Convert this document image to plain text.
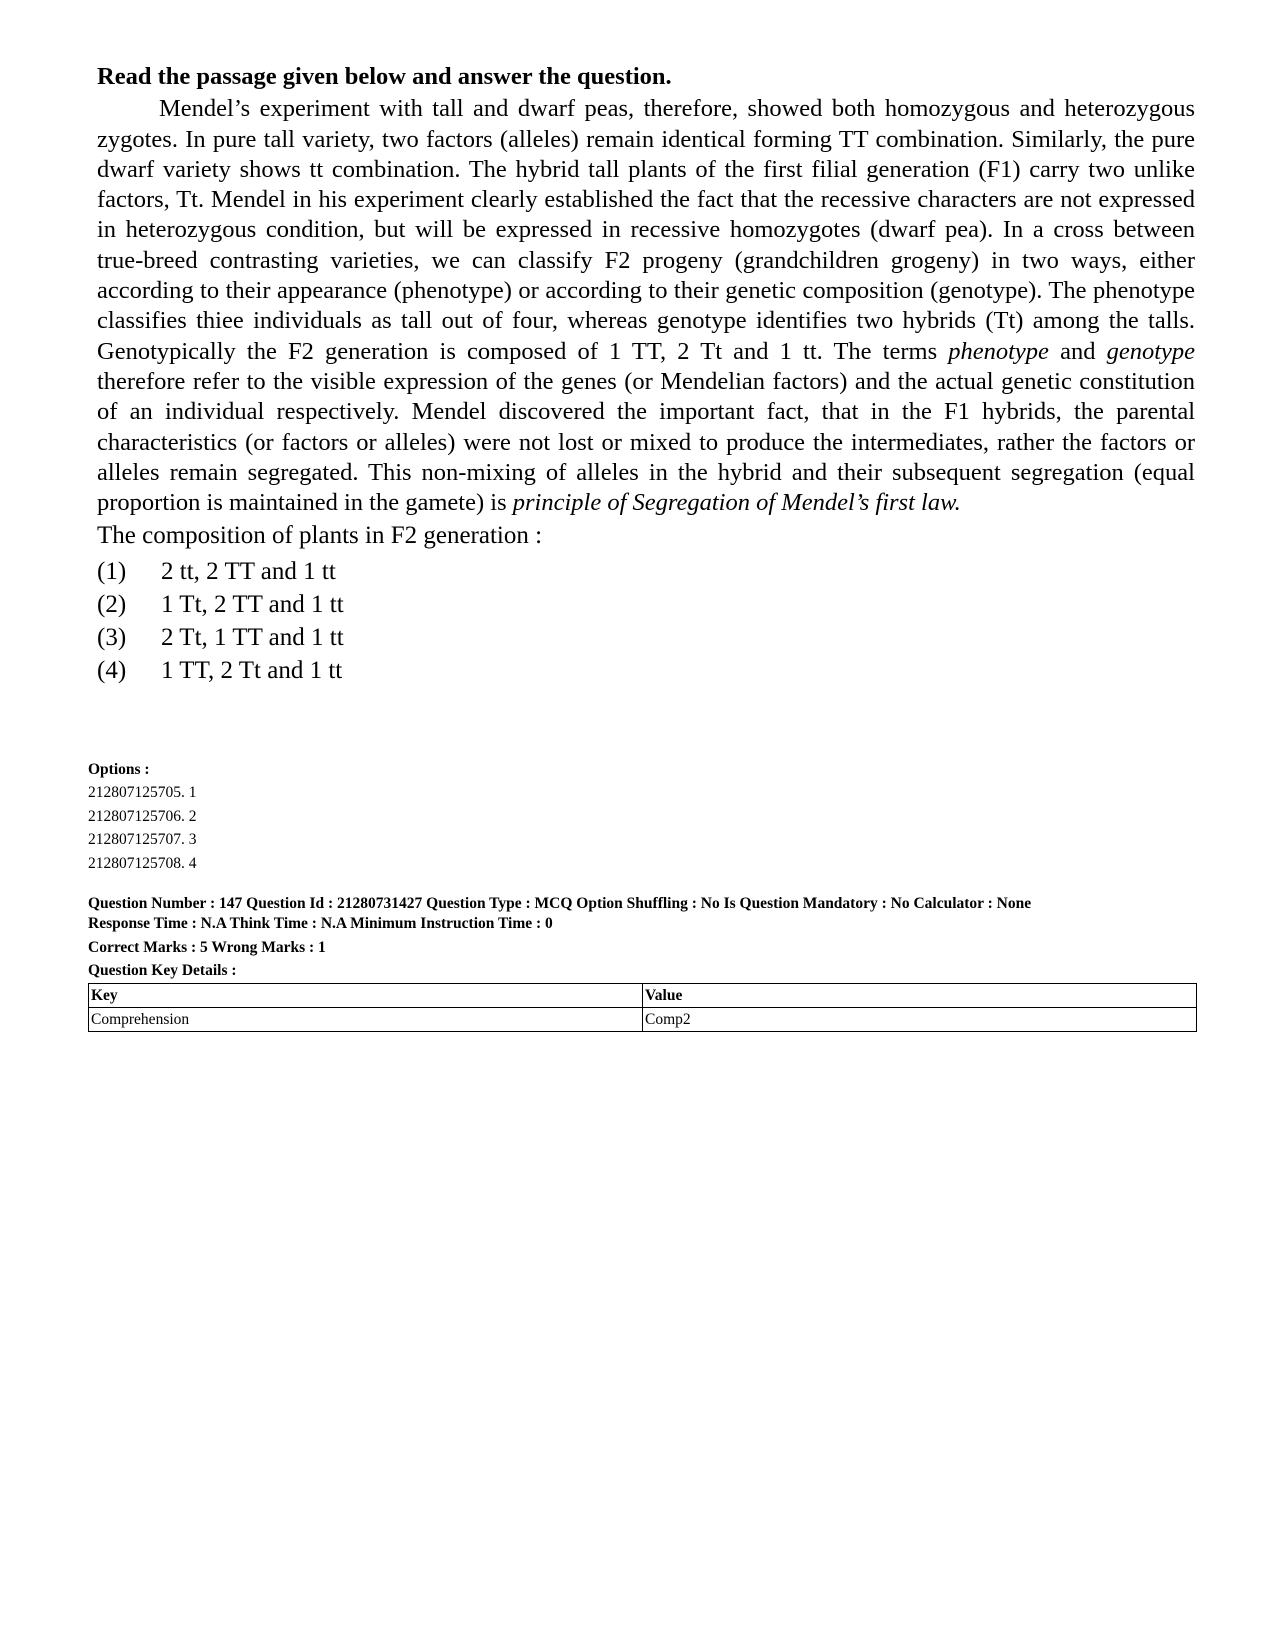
Read the passage given below and answer the question.

Mendel’s experiment with tall and dwarf peas, therefore, showed both homozygous and heterozygous zygotes. In pure tall variety, two factors (alleles) remain identical forming TT combination. Similarly, the pure dwarf variety shows tt combination. The hybrid tall plants of the first filial generation (F1) carry two unlike factors, Tt. Mendel in his experiment clearly established the fact that the recessive characters are not expressed in heterozygous condition, but will be expressed in recessive homozygotes (dwarf pea). In a cross between true-breed contrasting varieties, we can classify F2 progeny (grandchildren grogeny) in two ways, either according to their appearance (phenotype) or according to their genetic composition (genotype). The phenotype classifies thiee individuals as tall out of four, whereas genotype identifies two hybrids (Tt) among the talls. Genotypically the F2 generation is composed of 1 TT, 2 Tt and 1 tt. The terms phenotype and genotype therefore refer to the visible expression of the genes (or Mendelian factors) and the actual genetic constitution of an individual respectively. Mendel discovered the important fact, that in the F1 hybrids, the parental characteristics (or factors or alleles) were not lost or mixed to produce the intermediates, rather the factors or alleles remain segregated. This non-mixing of alleles in the hybrid and their subsequent segregation (equal proportion is maintained in the gamete) is principle of Segregation of Mendel’s first law.

The composition of plants in F2 generation :

(1)	2 tt, 2 TT and 1 tt
(2)	1 Tt, 2 TT and 1 tt
(3)	2 Tt, 1 TT and 1 tt
(4)	1 TT, 2 Tt and 1 tt
Options :
212807125705. 1
212807125706. 2
212807125707. 3
212807125708. 4
Question Number : 147 Question Id : 21280731427 Question Type : MCQ Option Shuffling : No Is Question Mandatory : No Calculator : None
Response Time : N.A Think Time : N.A Minimum Instruction Time : 0
Correct Marks : 5 Wrong Marks : 1
Question Key Details :
Key	Value
Comprehension	Comp2
